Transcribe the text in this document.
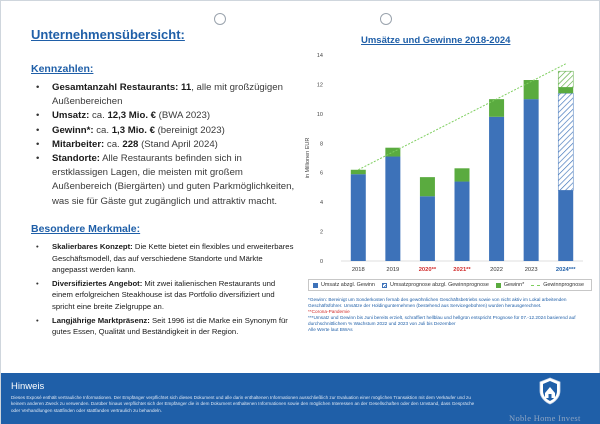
Unternehmensübersicht:
Kennzahlen:
• Gesamtanzahl Restaurants: 11, alle mit großzügigen Außenbereichen
• Umsatz: ca. 12,3 Mio. € (BWA 2023)
• Gewinn*: ca. 1,3 Mio. € (bereinigt 2023)
• Mitarbeiter: ca. 228 (Stand April 2024)
• Standorte: Alle Restaurants befinden sich in erstklassigen Lagen, die meisten mit großem Außenbereich (Biergärten) und guten Parkmöglichkeiten, was sie für Gäste gut zugänglich und attraktiv macht.
Besondere Merkmale:
• Skalierbares Konzept: Die Kette bietet ein flexibles und erweiterbares Geschäftsmodell, das auf verschiedene Standorte und Märkte angepasst werden kann.
• Diversifiziertes Angebot: Mit zwei italienischen Restaurants und einem erfolgreichen Steakhouse ist das Portfolio diversifiziert und spricht eine breite Zielgruppe an.
• Langjährige Marktpräsenz: Seit 1996 ist die Marke ein Synonym für gutes Essen, Qualität und Beständigkeit in der Region.
Umsätze und Gewinne 2018-2024
0
2
4
6
8
10
12
14
in Millionen EUR
2018	2019	2020**	2021**	2022	2023	2024***
Umsatz abzgl. Gewinn	Umsatzprognose abzgl. Gewinnprognose	Gewinn*	Gewinnprognose

*Gewinn: Bereinigt um Sonderkosten fernab des gewöhnlichen Geschäftsbetriebs sowie von nicht aktiv im Lokal arbeitenden Geschäftsführer. Umsätze der Holdingunternehmen (bestehend aus Servicegebühren) wurden herausgerechnet.

**Corona-Pandemie

***Umsatz und Gewinn bis Juni bereits erzielt, schraffiert hellblau und hellgrün entspricht Prognose für 07.-12.2024 basierend auf durchschnittlichem % Wachstum 2022 und 2023 von Juli bis Dezember

Alle Werte laut BWAs

Hinweis
Dieses Exposé enthält vertrauliche Informationen. Der Empfänger verpflichtet sich dieses Dokument und alle darin enthaltenen Informationen ausschließlich zur Evaluation einer möglichen Transaktion mit dem Verkäufer und zu keinem anderen Zweck zu verwenden. Darüber hinaus verpflichtet sich der Empfänger die in dem Dokument enthaltenen Informationen sowie den möglichen Interessen an der Gesellschaften oder den Umstand, dass Gespräche oder Verhandlungen stattfinden oder stattfanden vertraulich zu behandeln.
Noble Home Invest
